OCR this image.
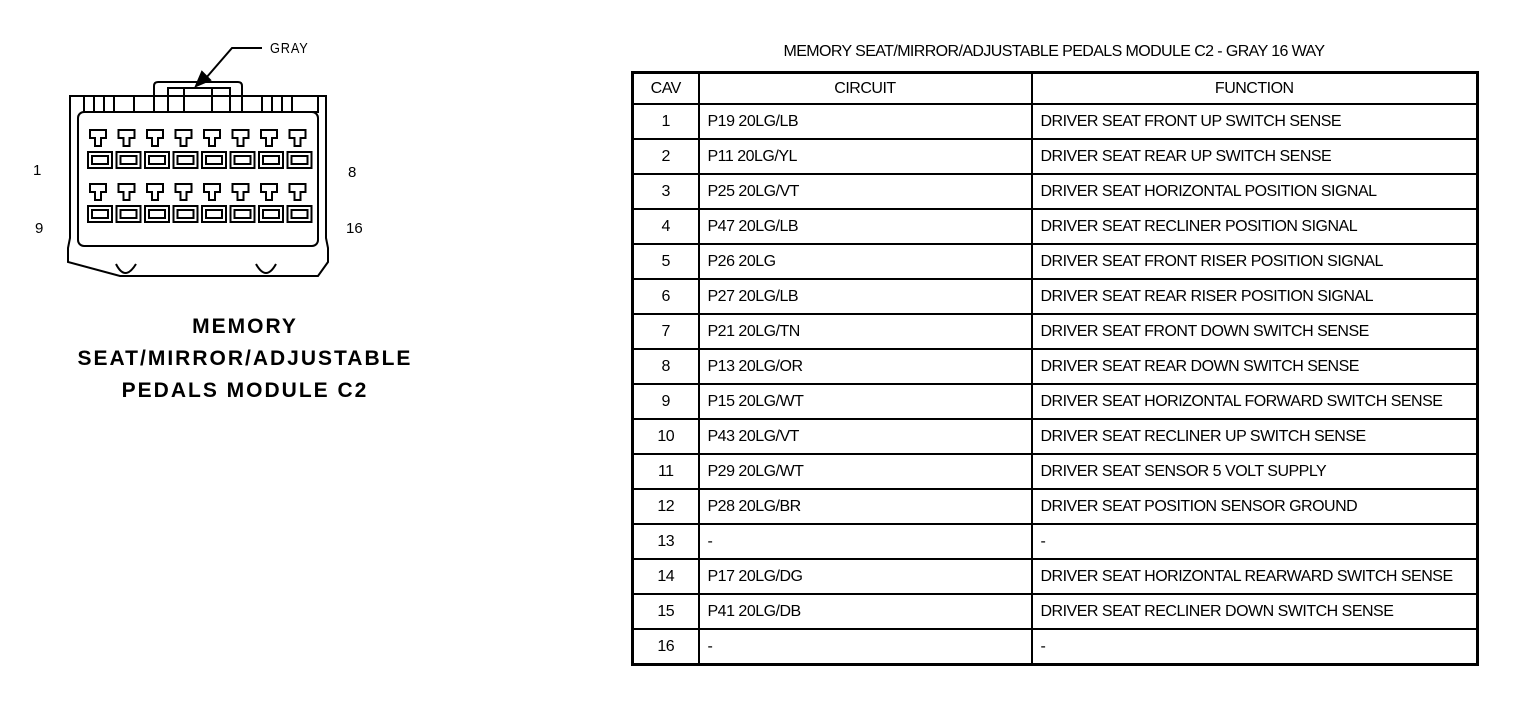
GRAY
1	8
9	16
MEMORY
SEAT/MIRROR/ADJUSTABLE
PEDALS MODULE C2
MEMORY SEAT/MIRROR/ADJUSTABLE PEDALS MODULE C2 - GRAY 16 WAY
CAV	CIRCUIT	FUNCTION
1	P19 20LG/LB	DRIVER SEAT FRONT UP SWITCH SENSE
2	P11 20LG/YL	DRIVER SEAT REAR UP SWITCH SENSE
3	P25 20LG/VT	DRIVER SEAT HORIZONTAL POSITION SIGNAL
4	P47 20LG/LB	DRIVER SEAT RECLINER POSITION SIGNAL
5	P26 20LG	DRIVER SEAT FRONT RISER POSITION SIGNAL
6	P27 20LG/LB	DRIVER SEAT REAR RISER POSITION SIGNAL
7	P21 20LG/TN	DRIVER SEAT FRONT DOWN SWITCH SENSE
8	P13 20LG/OR	DRIVER SEAT REAR DOWN SWITCH SENSE
9	P15 20LG/WT	DRIVER SEAT HORIZONTAL FORWARD SWITCH SENSE
10	P43 20LG/VT	DRIVER SEAT RECLINER UP SWITCH SENSE
11	P29 20LG/WT	DRIVER SEAT SENSOR 5 VOLT SUPPLY
12	P28 20LG/BR	DRIVER SEAT POSITION SENSOR GROUND
13	-	-
14	P17 20LG/DG	DRIVER SEAT HORIZONTAL REARWARD SWITCH SENSE
15	P41 20LG/DB	DRIVER SEAT RECLINER DOWN SWITCH SENSE
16	-	-
